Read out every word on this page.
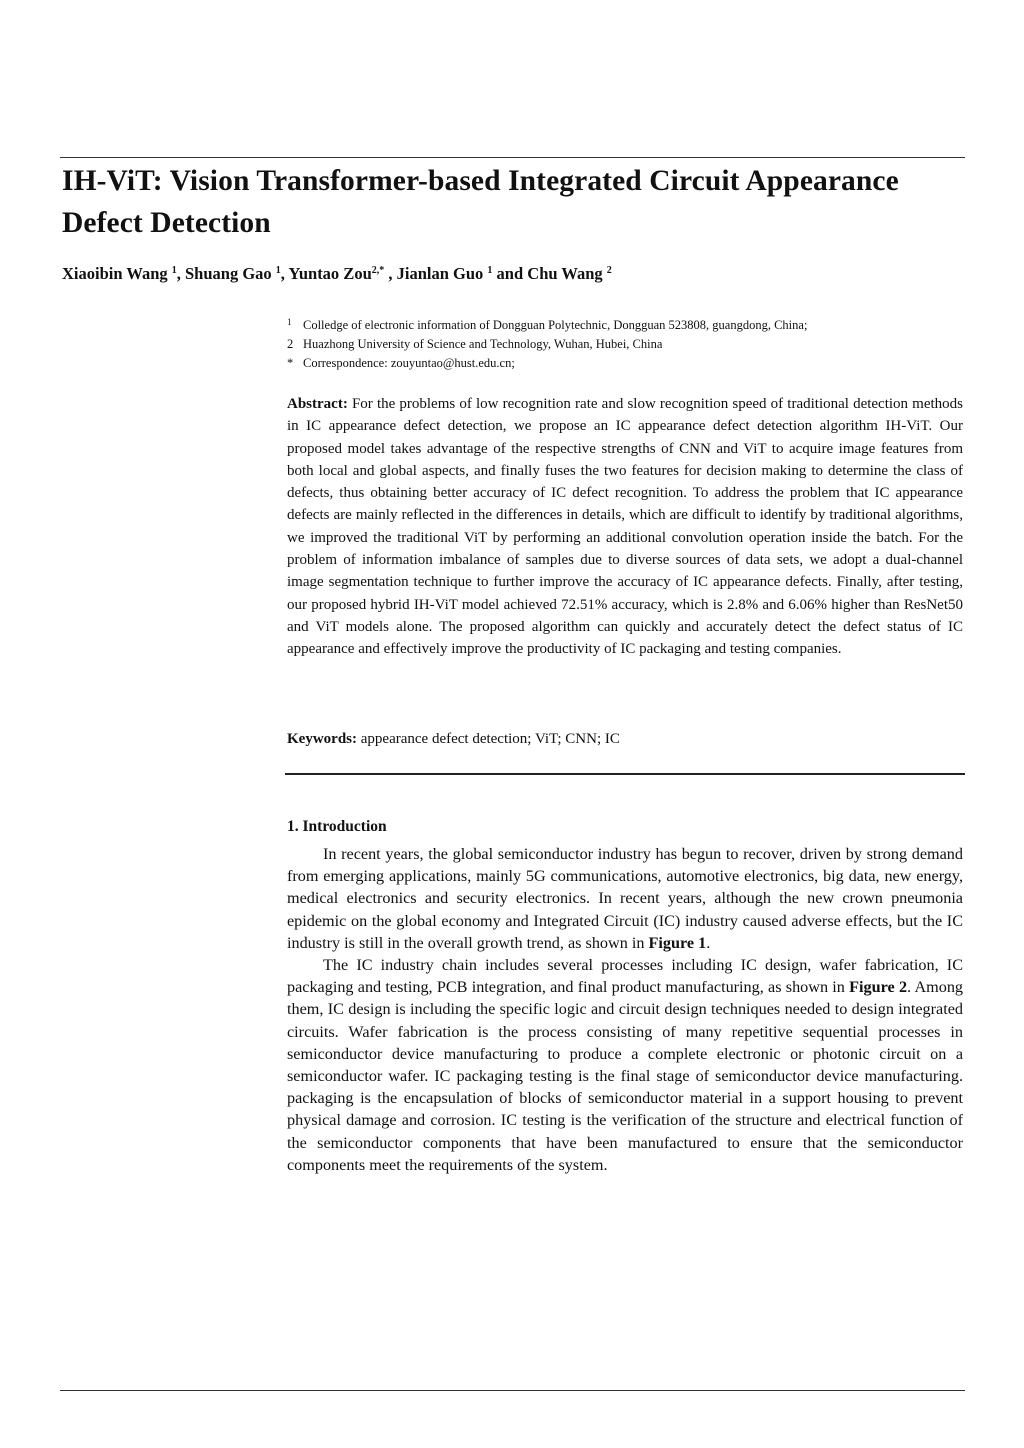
IH-ViT: Vision Transformer-based Integrated Circuit Appearance Defect Detection
Xiaoibin Wang $^1$, Shuang Gao $^1$, Yuntao Zou$^{2,*}$ , Jianlan Guo $^1$ and Chu Wang $^2$
1 Colledge of electronic information of Dongguan Polytechnic, Dongguan 523808, guangdong, China;
2 Huazhong University of Science and Technology, Wuhan, Hubei, China
* Correspondence: zouyuntao@hust.edu.cn;

Abstract: For the problems of low recognition rate and slow recognition speed of traditional detection methods in IC appearance defect detection, we propose an IC appearance defect detection algorithm IH-ViT. Our proposed model takes advantage of the respective strengths of CNN and ViT to acquire image features from both local and global aspects, and finally fuses the two features for decision making to determine the class of defects, thus obtaining better accuracy of IC defect recognition. To address the problem that IC appearance defects are mainly reflected in the differences in details, which are difficult to identify by traditional algorithms, we improved the traditional ViT by performing an additional convolution operation inside the batch. For the problem of information imbalance of samples due to diverse sources of data sets, we adopt a dual-channel image segmentation technique to further improve the accuracy of IC appearance defects. Finally, after testing, our proposed hybrid IH-ViT model achieved 72.51% accuracy, which is 2.8% and 6.06% higher than ResNet50 and ViT models alone. The proposed algorithm can quickly and accurately detect the defect status of IC appearance and effectively improve the productivity of IC packaging and testing companies.

Keywords: appearance defect detection; ViT; CNN; IC

1. Introduction

In recent years, the global semiconductor industry has begun to recover, driven by strong demand from emerging applications, mainly 5G communications, automotive electronics, big data, new energy, medical electronics and security electronics. In recent years, although the new crown pneumonia epidemic on the global economy and Integrated Circuit (IC) industry caused adverse effects, but the IC industry is still in the overall growth trend, as shown in Figure 1.

The IC industry chain includes several processes including IC design, wafer fabrication, IC packaging and testing, PCB integration, and final product manufacturing, as shown in Figure 2. Among them, IC design is including the specific logic and circuit design techniques needed to design integrated circuits. Wafer fabrication is the process consisting of many repetitive sequential processes in semiconductor device manufacturing to produce a complete electronic or photonic circuit on a semiconductor wafer. IC packaging testing is the final stage of semiconductor device manufacturing. packaging is the encapsulation of blocks of semiconductor material in a support housing to prevent physical damage and corrosion. IC testing is the verification of the structure and electrical function of the semiconductor components that have been manufactured to ensure that the semiconductor components meet the requirements of the system.
